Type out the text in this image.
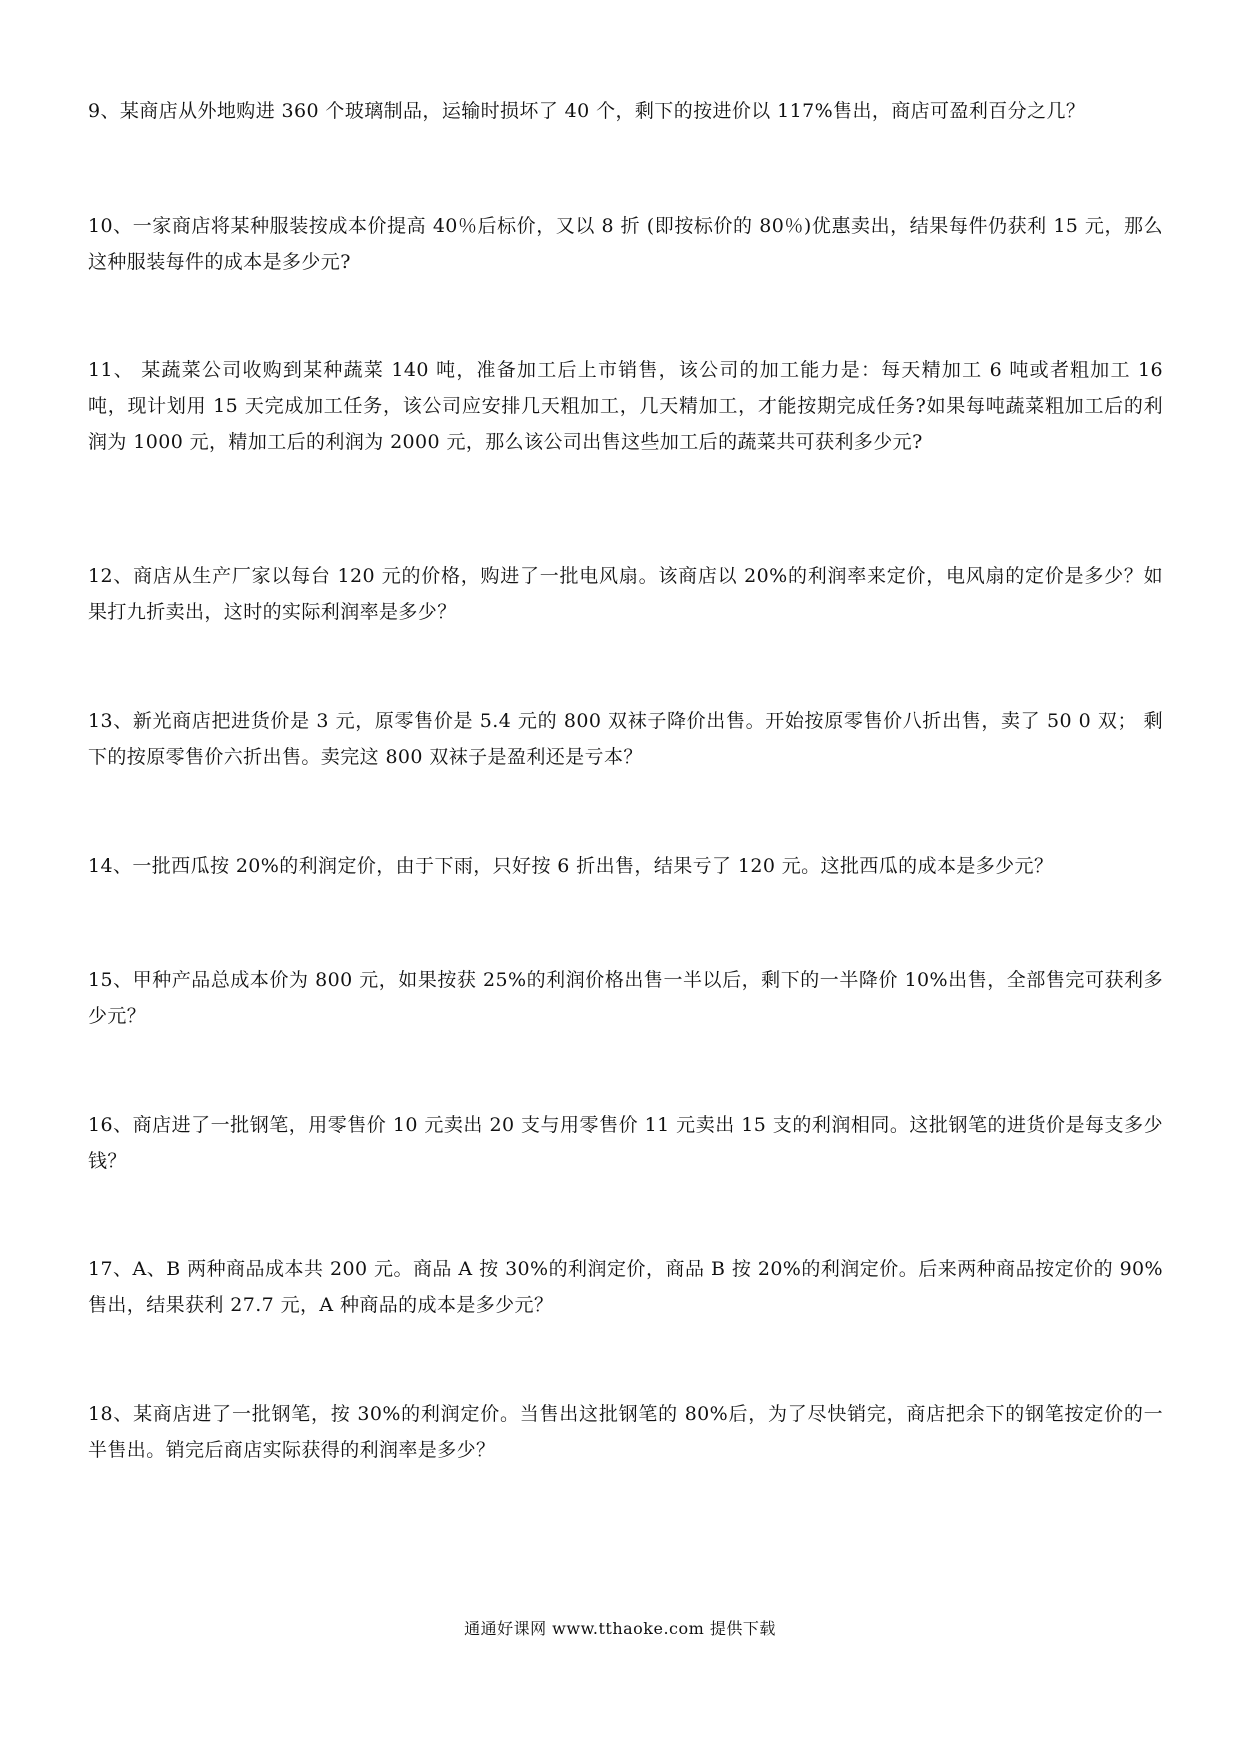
9、某商店从外地购进 360 个玻璃制品，运输时损坏了 40 个，剩下的按进价以 117%售出，商店可盈利百分之几？

10、一家商店将某种服装按成本价提高 40％后标价，又以 8 折 (即按标价的 80％)优惠卖出，结果每件仍获利 15 元，那么这种服装每件的成本是多少元?

11、 某蔬菜公司收购到某种蔬菜 140 吨，准备加工后上市销售，该公司的加工能力是：每天精加工 6 吨或者粗加工 16 吨，现计划用 15 天完成加工任务，该公司应安排几天粗加工，几天精加工，才能按期完成任务?如果每吨蔬菜粗加工后的利润为 1000 元，精加工后的利润为 2000 元，那么该公司出售这些加工后的蔬菜共可获利多少元?

12、商店从生产厂家以每台 120 元的价格，购进了一批电风扇。该商店以 20%的利润率来定价，电风扇的定价是多少？如果打九折卖出，这时的实际利润率是多少？

13、新光商店把进货价是 3 元，原零售价是 5.4 元的 800 双袜子降价出售。开始按原零售价八折出售，卖了 50 0 双； 剩下的按原零售价六折出售。卖完这 800 双袜子是盈利还是亏本？

14、一批西瓜按 20%的利润定价，由于下雨，只好按 6 折出售，结果亏了 120 元。这批西瓜的成本是多少元？

15、甲种产品总成本价为 800 元，如果按获 25%的利润价格出售一半以后，剩下的一半降价 10%出售，全部售完可获利多少元？

16、商店进了一批钢笔，用零售价 10 元卖出 20 支与用零售价 11 元卖出 15 支的利润相同。这批钢笔的进货价是每支多少钱？

17、A、B 两种商品成本共 200 元。商品 A 按 30%的利润定价，商品 B 按 20%的利润定价。后来两种商品按定价的 90%售出，结果获利 27.7 元，A 种商品的成本是多少元？

18、某商店进了一批钢笔，按 30%的利润定价。当售出这批钢笔的 80%后，为了尽快销完，商店把余下的钢笔按定价的一半售出。销完后商店实际获得的利润率是多少？

通通好课网 www.tthaoke.com 提供下载
